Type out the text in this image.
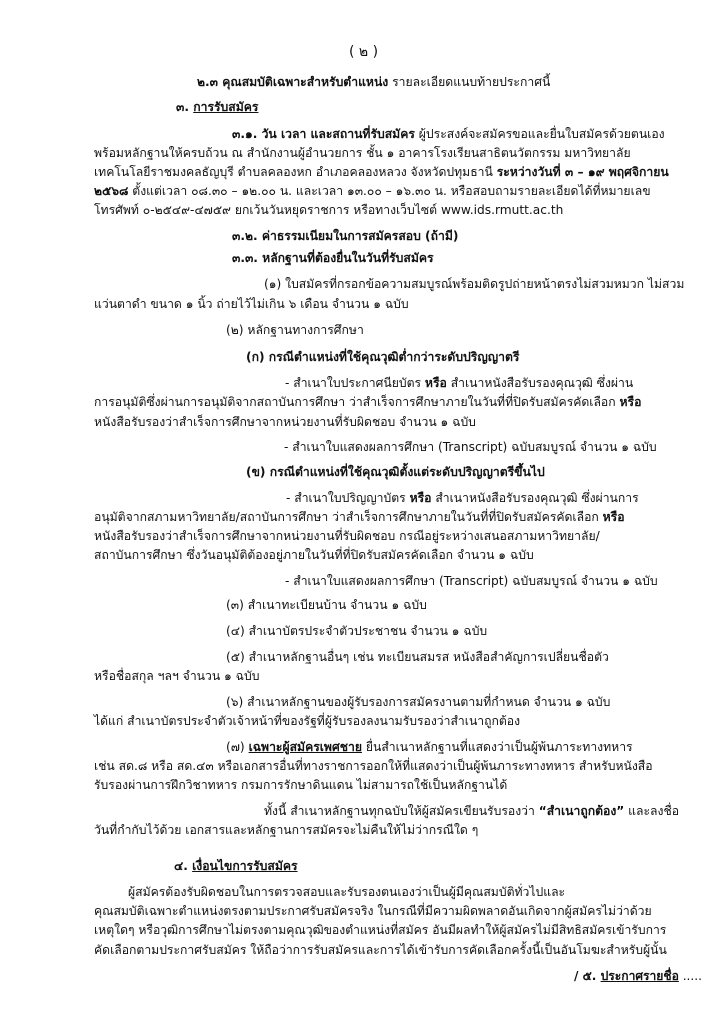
( ๒ )
๒.๓ คุณสมบัติเฉพาะสำหรับตำแหน่ง รายละเอียดแนบท้ายประกาศนี้
๓. การรับสมัคร
๓.๑. วัน เวลา และสถานที่รับสมัคร ผู้ประสงค์จะสมัครขอและยื่นใบสมัครด้วยตนเอง
พร้อมหลักฐานให้ครบถ้วน ณ สำนักงานผู้อำนวยการ ชั้น ๑ อาคารโรงเรียนสาธิตนวัตกรรม มหาวิทยาลัย
เทคโนโลยีราชมงคลธัญบุรี ตำบลคลองหก อำเภอคลองหลวง จังหวัดปทุมธานี ระหว่างวันที่ ๓ – ๑๙ พฤศจิกายน
๒๕๖๘ ตั้งแต่เวลา ๐๘.๓๐ – ๑๒.๐๐ น. และเวลา ๑๓.๐๐ – ๑๖.๓๐ น. หรือสอบถามรายละเอียดได้ที่หมายเลข
โทรศัพท์ ๐-๒๕๔๙-๔๗๕๙ ยกเว้นวันหยุดราชการ หรือทางเว็บไซต์ www.ids.rmutt.ac.th
๓.๒. ค่าธรรมเนียมในการสมัครสอบ (ถ้ามี)
๓.๓. หลักฐานที่ต้องยื่นในวันที่รับสมัคร
(๑) ใบสมัครที่กรอกข้อความสมบูรณ์พร้อมติดรูปถ่ายหน้าตรงไม่สวมหมวก ไม่สวม
แว่นตาดำ ขนาด ๑ นิ้ว ถ่ายไว้ไม่เกิน ๖ เดือน จำนวน ๑ ฉบับ
(๒) หลักฐานทางการศึกษา
(ก) กรณีตำแหน่งที่ใช้คุณวุฒิต่ำกว่าระดับปริญญาตรี
- สำเนาใบประกาศนียบัตร หรือ สำเนาหนังสือรับรองคุณวุฒิ ซึ่งผ่าน
การอนุมัติซึ่งผ่านการอนุมัติจากสถาบันการศึกษา ว่าสำเร็จการศึกษาภายในวันที่ที่ปิดรับสมัครคัดเลือก หรือ
หนังสือรับรองว่าสำเร็จการศึกษาจากหน่วยงานที่รับผิดชอบ จำนวน ๑ ฉบับ
- สำเนาใบแสดงผลการศึกษา (Transcript) ฉบับสมบูรณ์ จำนวน ๑ ฉบับ
(ข) กรณีตำแหน่งที่ใช้คุณวุฒิตั้งแต่ระดับปริญญาตรีขึ้นไป
- สำเนาใบปริญญาบัตร หรือ สำเนาหนังสือรับรองคุณวุฒิ ซึ่งผ่านการ
อนุมัติจากสภามหาวิทยาลัย/สถาบันการศึกษา ว่าสำเร็จการศึกษาภายในวันที่ที่ปิดรับสมัครคัดเลือก หรือ
หนังสือรับรองว่าสำเร็จการศึกษาจากหน่วยงานที่รับผิดชอบ กรณีอยู่ระหว่างเสนอสภามหาวิทยาลัย/
สถาบันการศึกษา ซึ่งวันอนุมัติต้องอยู่ภายในวันที่ที่ปิดรับสมัครคัดเลือก จำนวน ๑ ฉบับ
- สำเนาใบแสดงผลการศึกษา (Transcript) ฉบับสมบูรณ์ จำนวน ๑ ฉบับ
(๓) สำเนาทะเบียนบ้าน จำนวน ๑ ฉบับ
(๔) สำเนาบัตรประจำตัวประชาชน จำนวน ๑ ฉบับ
(๕) สำเนาหลักฐานอื่นๆ เช่น ทะเบียนสมรส หนังสือสำคัญการเปลี่ยนชื่อตัว
หรือชื่อสกุล ฯลฯ จำนวน ๑ ฉบับ
(๖) สำเนาหลักฐานของผู้รับรองการสมัครงานตามที่กำหนด จำนวน ๑ ฉบับ
ได้แก่ สำเนาบัตรประจำตัวเจ้าหน้าที่ของรัฐที่ผู้รับรองลงนามรับรองว่าสำเนาถูกต้อง
(๗) เฉพาะผู้สมัครเพศชาย ยื่นสำเนาหลักฐานที่แสดงว่าเป็นผู้พ้นภาระทางทหาร
เช่น สด.๘ หรือ สด.๔๓ หรือเอกสารอื่นที่ทางราชการออกให้ที่แสดงว่าเป็นผู้พ้นภาระทางทหาร สำหรับหนังสือ
รับรองผ่านการฝึกวิชาทหาร กรมการรักษาดินแดน ไม่สามารถใช้เป็นหลักฐานได้
ทั้งนี้ สำเนาหลักฐานทุกฉบับให้ผู้สมัครเขียนรับรองว่า “สำเนาถูกต้อง” และลงชื่อ
วันที่กำกับไว้ด้วย เอกสารและหลักฐานการสมัครจะไม่คืนให้ไม่ว่ากรณีใด ๆ
๔. เงื่อนไขการรับสมัคร
ผู้สมัครต้องรับผิดชอบในการตรวจสอบและรับรองตนเองว่าเป็นผู้มีคุณสมบัติทั่วไปและ
คุณสมบัติเฉพาะตำแหน่งตรงตามประกาศรับสมัครจริง ในกรณีที่มีความผิดพลาดอันเกิดจากผู้สมัครไม่ว่าด้วย
เหตุใดๆ หรือวุฒิการศึกษาไม่ตรงตามคุณวุฒิของตำแหน่งที่สมัคร อันมีผลทำให้ผู้สมัครไม่มีสิทธิสมัครเข้ารับการ
คัดเลือกตามประกาศรับสมัคร ให้ถือว่าการรับสมัครและการได้เข้ารับการคัดเลือกครั้งนี้เป็นอันโมฆะสำหรับผู้นั้น
/ ๕. ประกาศรายชื่อ .....
